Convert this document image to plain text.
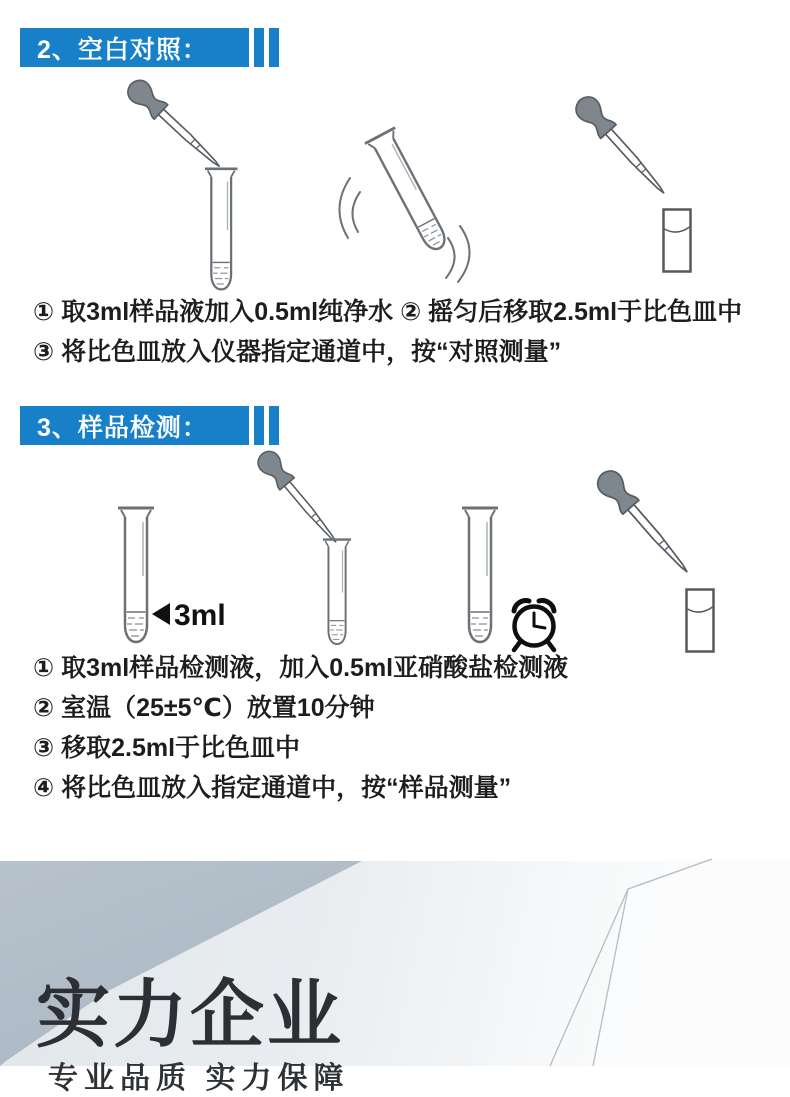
2、空白对照：
① 取3ml样品液加入0.5ml纯净水 ② 摇匀后移取2.5ml于比色皿中
③ 将比色皿放入仪器指定通道中，按“对照测量”
3、样品检测：
3ml
① 取3ml样品检测液，加入0.5ml亚硝酸盐检测液
② 室温（25±5℃）放置10分钟
③ 移取2.5ml于比色皿中
④ 将比色皿放入指定通道中，按“样品测量”
实力企业
专业品质 实力保障
